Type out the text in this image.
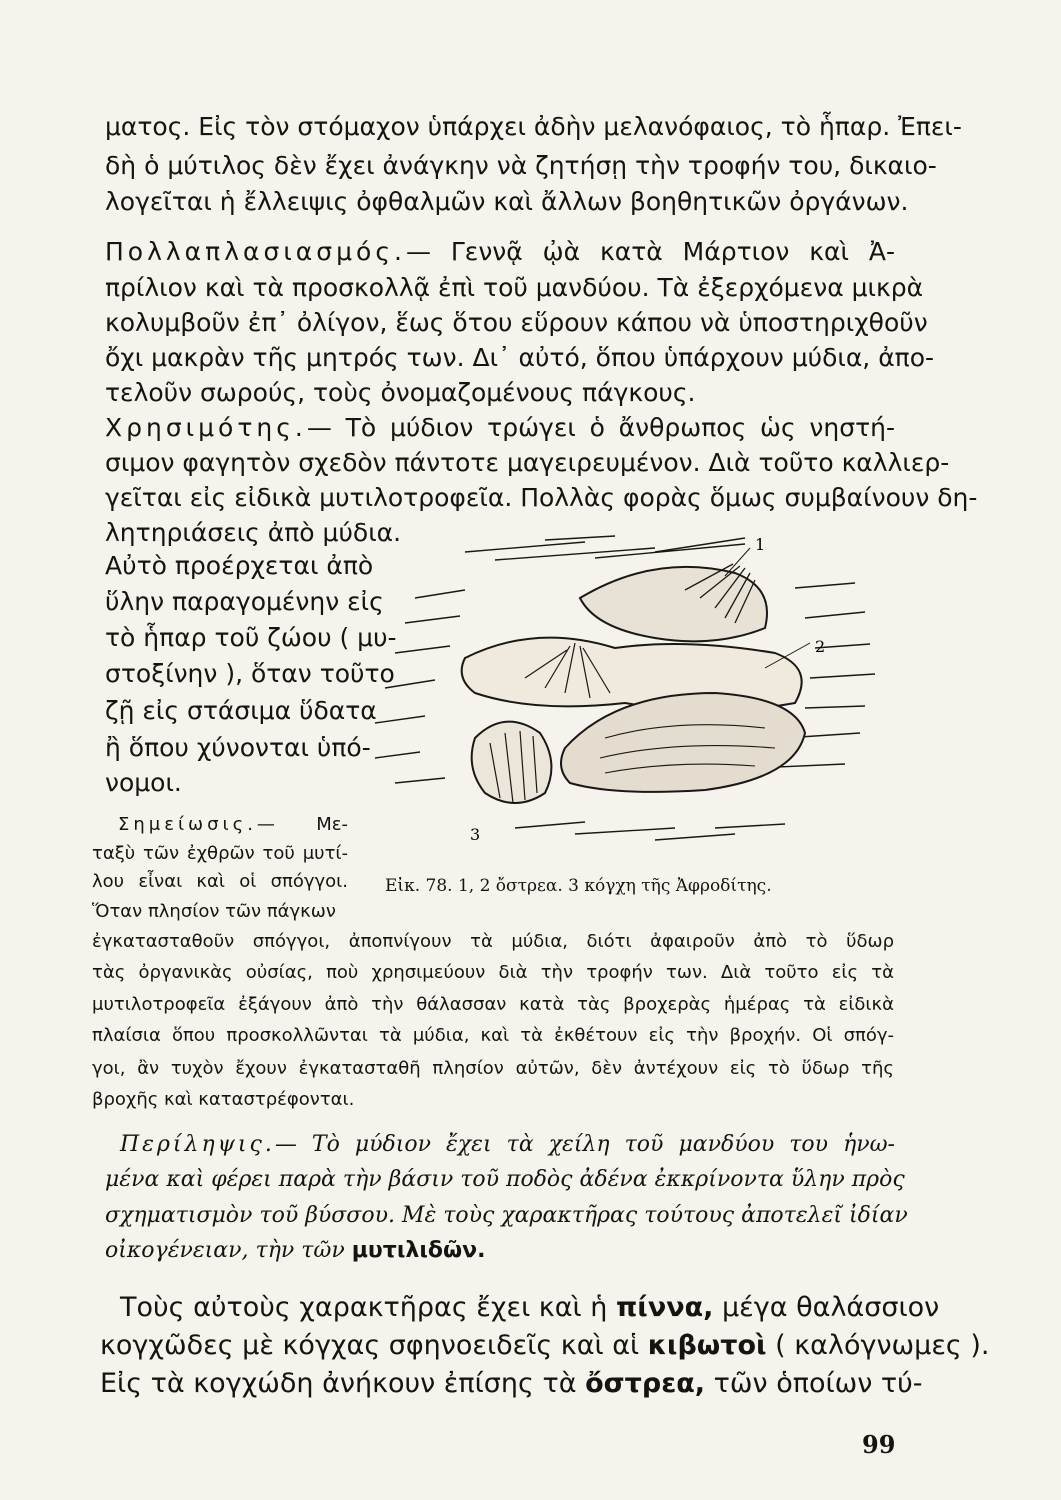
ματος. Εἰς τὸν στόμαχον ὑπάρχει ἀδὴν μελανόφαιος, τὸ ἧπαρ. Ἐπει-
δὴ ὁ μύτιλος δὲν ἔχει ἀνάγκην νὰ ζητήσῃ τὴν τροφήν του, δικαιο-
λογεῖται ἡ ἔλλειψις ὀφθαλμῶν καὶ ἄλλων βοηθητικῶν ὀργάνων.
Πολλαπλασιασμός.— Γεννᾷ ᾠὰ κατὰ Μάρτιον καὶ Ἀ-
πρίλιον καὶ τὰ προσκολλᾷ ἐπὶ τοῦ μανδύου. Τὰ ἐξερχόμενα μικρὰ
κολυμβοῦν ἐπ᾿ ὀλίγον, ἕως ὅτου εὕρουν κάπου νὰ ὑποστηριχθοῦν
ὄχι μακρὰν τῆς μητρός των. Δι᾿ αὐτό, ὅπου ὑπάρχουν μύδια, ἀπο-
τελοῦν σωρούς, τοὺς ὀνομαζομένους πάγκους.
Χρησιμότης.— Τὸ μύδιον τρώγει ὁ ἄνθρωπος ὡς νηστή-
σιμον φαγητὸν σχεδὸν πάντοτε μαγειρευμένον. Διὰ τοῦτο καλλιερ-
γεῖται εἰς εἰδικὰ μυτιλοτροφεῖα. Πολλὰς φορὰς ὅμως συμβαίνουν δη-
λητηριάσεις ἀπὸ μύδια.
Αὐτὸ προέρχεται ἀπὸ
ὕλην παραγομένην εἰς
τὸ ἧπαρ τοῦ ζώου ( μυ-
στοξίνην ), ὅταν τοῦτο
ζῇ εἰς στάσιμα ὕδατα
ἢ ὅπου χύνονται ὑπό-
νομοι.
Σημείωσις.— Με-
ταξὺ τῶν ἐχθρῶν τοῦ μυτί-
λου εἶναι καὶ οἱ σπόγγοι.
Ὅταν πλησίον τῶν πάγκων
ἐγκατασταθοῦν σπόγγοι, ἀποπνίγουν τὰ μύδια, διότι ἀφαιροῦν ἀπὸ τὸ ὕδωρ
τὰς ὀργανικὰς οὐσίας, ποὺ χρησιμεύουν διὰ τὴν τροφήν των. Διὰ τοῦτο εἰς τὰ
μυτιλοτροφεῖα ἐξάγουν ἀπὸ τὴν θάλασσαν κατὰ τὰς βροχερὰς ἡμέρας τὰ εἰδικὰ
πλαίσια ὅπου προσκολλῶνται τὰ μύδια, καὶ τὰ ἐκθέτουν εἰς τὴν βροχήν. Οἱ σπόγ-
γοι, ἂν τυχὸν ἔχουν ἐγκατασταθῆ πλησίον αὐτῶν, δὲν ἀντέχουν εἰς τὸ ὕδωρ τῆς
βροχῆς καὶ καταστρέφονται.
1
2
3
Εἰκ. 78. 1, 2 ὄστρεα. 3 κόγχη τῆς Ἀφροδίτης.
Περίληψις.— Τὸ μύδιον ἔχει τὰ χείλη τοῦ μανδύου του ἡνω-
μένα καὶ φέρει παρὰ τὴν βάσιν τοῦ ποδὸς ἀδένα ἐκκρίνοντα ὕλην πρὸς
σχηματισμὸν τοῦ βύσσου. Μὲ τοὺς χαρακτῆρας τούτους ἀποτελεῖ ἰδίαν
οἰκογένειαν, τὴν τῶν μυτιλιδῶν.
Τοὺς αὐτοὺς χαρακτῆρας ἔχει καὶ ἡ πίννα, μέγα θαλάσσιον
κογχῶδες μὲ κόγχας σφηνοειδεῖς καὶ αἱ κιβωτοὶ ( καλόγνωμες ).
Εἰς τὰ κογχώδη ἀνήκουν ἐπίσης τὰ ὄστρεα, τῶν ὁποίων τύ-
99
